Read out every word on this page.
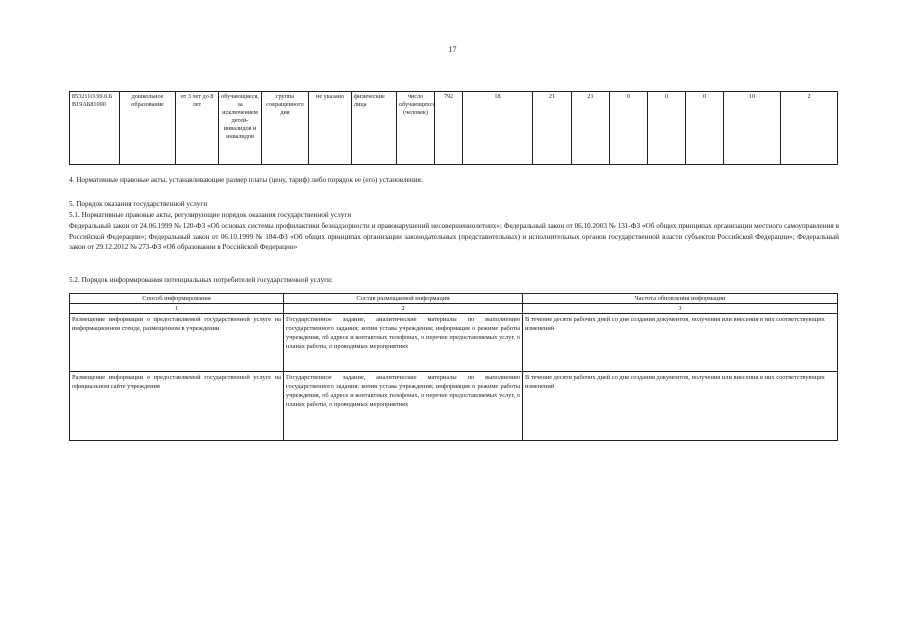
17
853211О.99.0.Б В19АБ81000	дошкольное образование	от 3 лет до 8 лет	обучающиеся, за исключением детей-инвалидов и инвалидов	группа сокращенного дня	не указано	физические лица	число обучающихся (человек)	792	18	21	21	0	0	0	10	2
4. Нормативные правовые акты, устанавливающие размер платы (цену, тариф) либо порядок ее (его) установления:
5. Порядок оказания государственной услуги
5.1. Нормативные правовые акты, регулирующие порядок оказания государственной услуги
Федеральный закон от 24.06.1999 № 120-ФЗ «Об основах системы профилактики безнадзорности и правонарушений несовершеннолетних»; Федеральный закон от 06.10.2003 № 131-ФЗ «Об общих принципах организации местного самоуправления в Российской Федерации»; Федеральный закон от 06.10.1999 № 184-ФЗ «Об общих принципах организации законодательных (представительных) и исполнительных органов государственной власти субъектов Российской Федерации»; Федеральный закон от 29.12.2012 № 273-ФЗ «Об образовании в Российской Федерации»
5.2. Порядок информирования потенциальных потребителей государственной услуги:
Способ информирования	Состав размещаемой информации	Частота обновления информации
1	2	3
Размещение информации о предоставляемой государственной услуге на информационном стенде, размещенном в учреждении	Государственное задание, аналитические материалы по выполнению государственного задания; копия устава учреждения; информация о режиме работы учреждения, об адресе и контактных телефонах, о перечне предоставляемых услуг, о планах работы, о проводимых мероприятиях	В течение десяти рабочих дней со дня создания документов, получения или внесения в них соответствующих изменений
Размещение информации о предоставляемой государственной услуге на официальном сайте учреждения	Государственное задание, аналитические материалы по выполнению государственного задания; копия устава учреждения; информация о режиме работы учреждения, об адресе и контактных телефонах, о перечне предоставляемых услуг, о планах работы, о проводимых мероприятиях	В течение десяти рабочих дней со дня создания документов, получения или внесения в них соответствующих изменений
